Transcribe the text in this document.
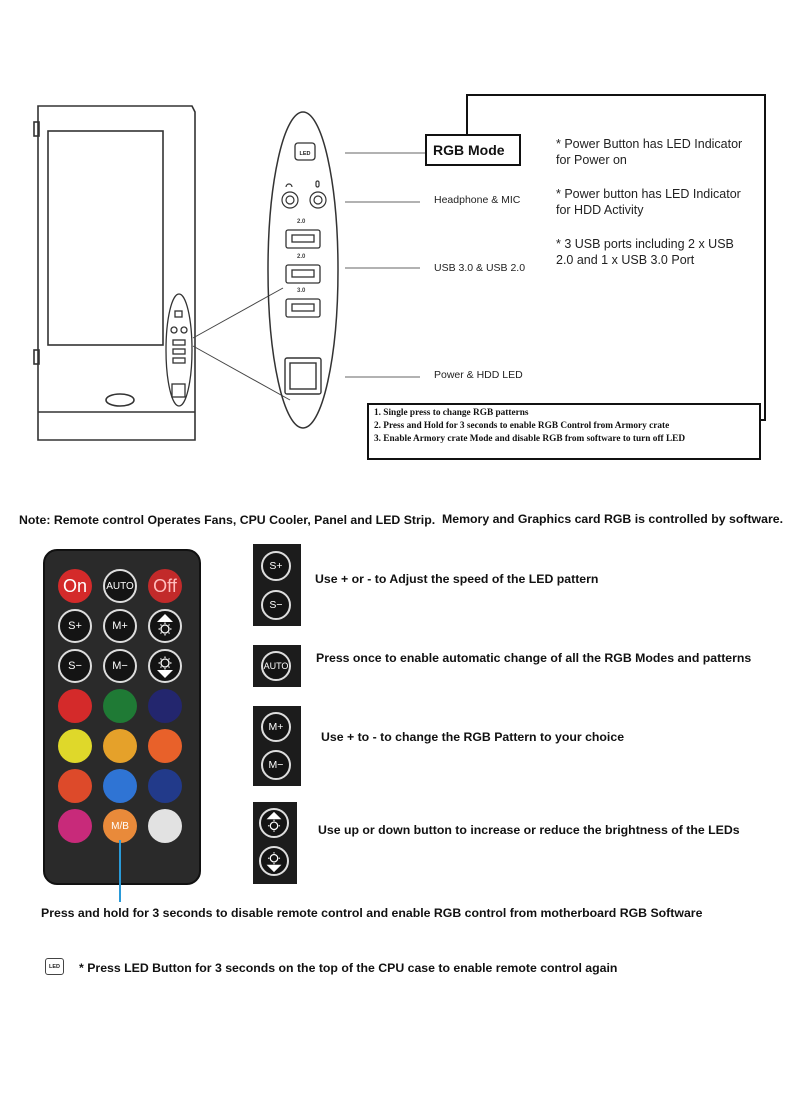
LED
2.0
2.0
3.0
RGB Mode
Headphone & MIC
USB 3.0 & USB 2.0
Power & HDD LED
* Power Button has LED Indicator
for Power on
* Power button has LED Indicator
for HDD Activity
* 3 USB ports including 2 x USB
2.0 and 1 x USB 3.0 Port
1. Single press to change RGB patterns
2. Press and Hold for 3 seconds to enable RGB Control from Armory crate
3. Enable Armory crate Mode and disable RGB from software to turn off LED
Note: Remote control Operates Fans, CPU Cooler, Panel and LED Strip. Memory and Graphics card RGB is controlled by software.
On	AUTO Off
S+	M+
S−	M−
M/B
S+
S−
Use + or - to Adjust the speed of the LED pattern
AUTO
Press once to enable automatic change of all the RGB Modes and patterns
M+
M−
Use + to - to change the RGB Pattern to your choice
Use up or down button to increase or reduce the brightness of the LEDs
Press and hold for 3 seconds to disable remote control and enable RGB control from motherboard RGB Software
LED * Press LED Button for 3 seconds on the top of the CPU case to enable remote control again
